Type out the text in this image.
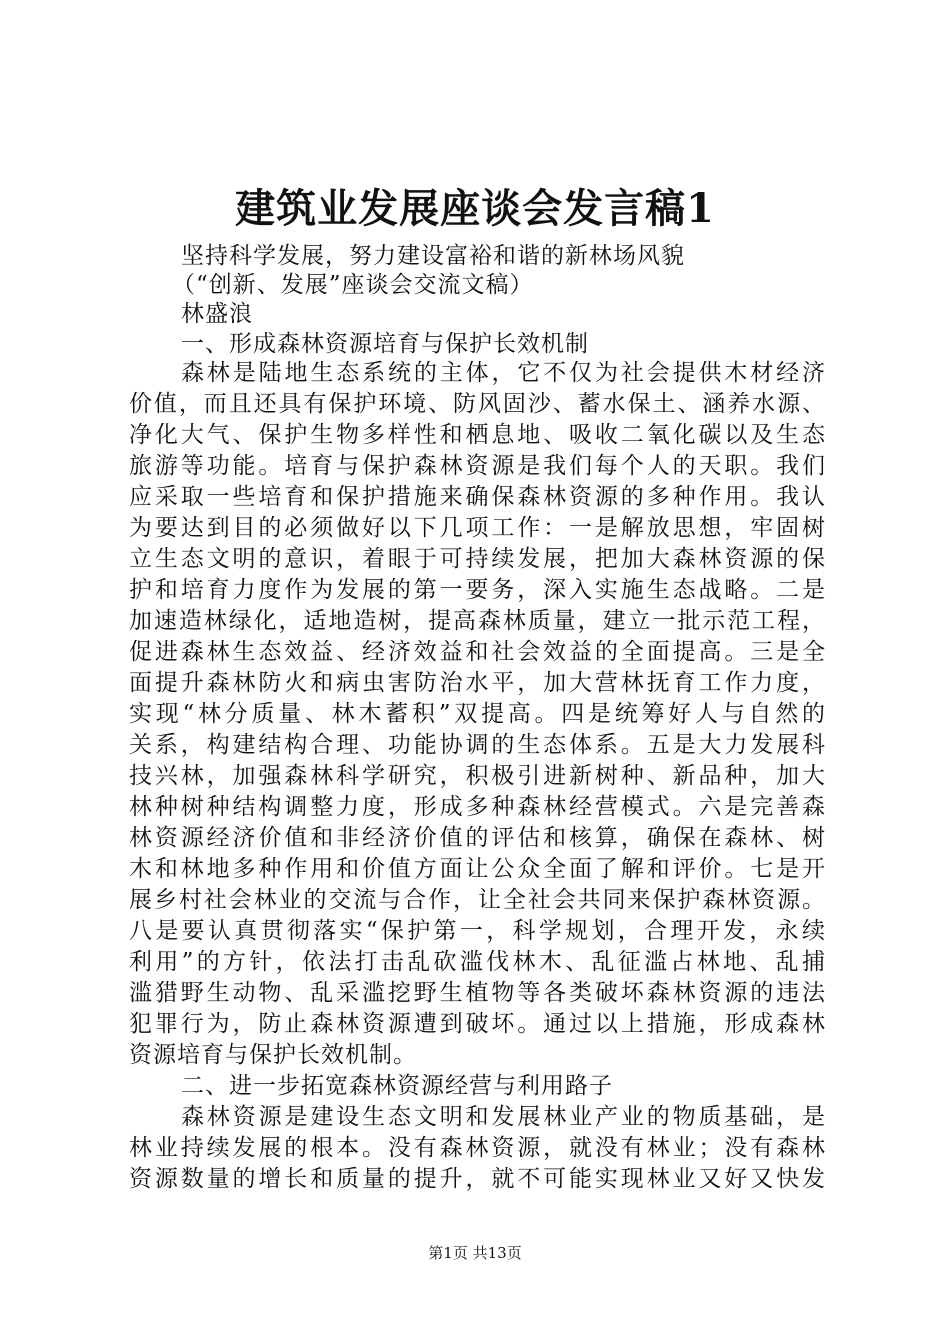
建筑业发展座谈会发言稿1
坚持科学发展，努力建设富裕和谐的新林场风貌
（“创新、发展”座谈会交流文稿）
林盛浪
一、形成森林资源培育与保护长效机制
森林是陆地生态系统的主体，它不仅为社会提供木材经济
价值，而且还具有保护环境、防风固沙、蓄水保土、涵养水源、
净化大气、保护生物多样性和栖息地、吸收二氧化碳以及生态
旅游等功能。培育与保护森林资源是我们每个人的天职。我们
应采取一些培育和保护措施来确保森林资源的多种作用。我认
为要达到目的必须做好以下几项工作：一是解放思想，牢固树
立生态文明的意识，着眼于可持续发展，把加大森林资源的保
护和培育力度作为发展的第一要务，深入实施生态战略。二是
加速造林绿化，适地造树，提高森林质量，建立一批示范工程，
促进森林生态效益、经济效益和社会效益的全面提高。三是全
面提升森林防火和病虫害防治水平，加大营林抚育工作力度，
实现“林分质量、林木蓄积”双提高。四是统筹好人与自然的
关系，构建结构合理、功能协调的生态体系。五是大力发展科
技兴林，加强森林科学研究，积极引进新树种、新品种，加大
林种树种结构调整力度，形成多种森林经营模式。六是完善森
林资源经济价值和非经济价值的评估和核算，确保在森林、树
木和林地多种作用和价值方面让公众全面了解和评价。七是开
展乡村社会林业的交流与合作，让全社会共同来保护森林资源。
八是要认真贯彻落实“保护第一，科学规划，合理开发，永续
利用”的方针，依法打击乱砍滥伐林木、乱征滥占林地、乱捕
滥猎野生动物、乱采滥挖野生植物等各类破坏森林资源的违法
犯罪行为，防止森林资源遭到破坏。通过以上措施，形成森林
资源培育与保护长效机制。
二、进一步拓宽森林资源经营与利用路子
森林资源是建设生态文明和发展林业产业的物质基础，是
林业持续发展的根本。没有森林资源，就没有林业；没有森林
资源数量的增长和质量的提升，就不可能实现林业又好又快发
第1页 共13页
